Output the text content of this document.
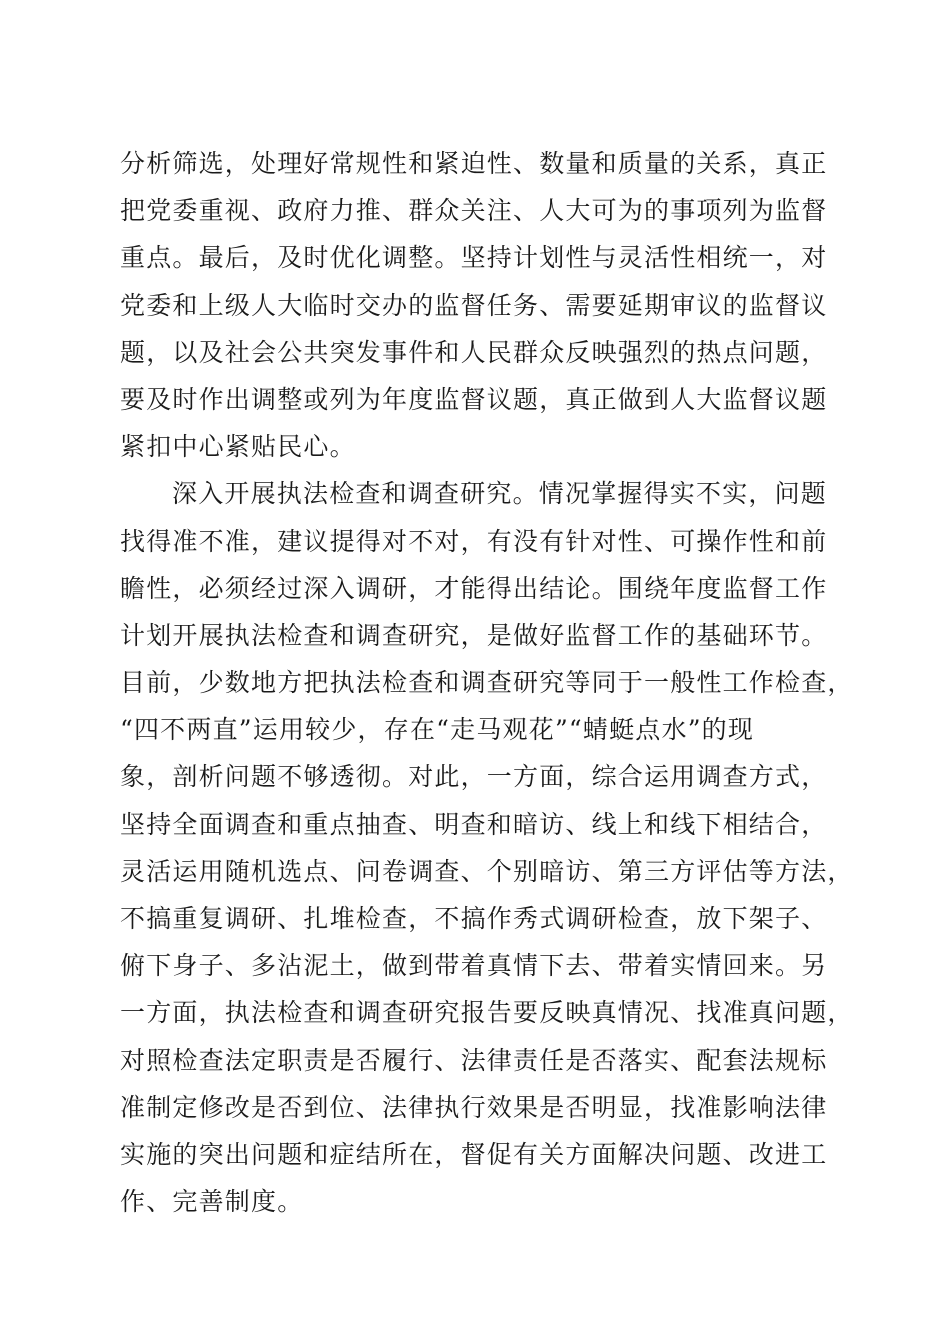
分析筛选，处理好常规性和紧迫性、数量和质量的关系，真正
把党委重视、政府力推、群众关注、人大可为的事项列为监督
重点。最后，及时优化调整。坚持计划性与灵活性相统一，对
党委和上级人大临时交办的监督任务、需要延期审议的监督议
题，以及社会公共突发事件和人民群众反映强烈的热点问题，
要及时作出调整或列为年度监督议题，真正做到人大监督议题
紧扣中心紧贴民心。
深入开展执法检查和调查研究。情况掌握得实不实，问题
找得准不准，建议提得对不对，有没有针对性、可操作性和前
瞻性，必须经过深入调研，才能得出结论。围绕年度监督工作
计划开展执法检查和调查研究，是做好监督工作的基础环节。
目前，少数地方把执法检查和调查研究等同于一般性工作检查，
“四不两直”运用较少，存在“走马观花”“蜻蜓点水”的现
象，剖析问题不够透彻。对此，一方面，综合运用调查方式，
坚持全面调查和重点抽查、明查和暗访、线上和线下相结合，
灵活运用随机选点、问卷调查、个别暗访、第三方评估等方法，
不搞重复调研、扎堆检查，不搞作秀式调研检查，放下架子、
俯下身子、多沾泥土，做到带着真情下去、带着实情回来。另
一方面，执法检查和调查研究报告要反映真情况、找准真问题，
对照检查法定职责是否履行、法律责任是否落实、配套法规标
准制定修改是否到位、法律执行效果是否明显，找准影响法律
实施的突出问题和症结所在，督促有关方面解决问题、改进工
作、完善制度。
